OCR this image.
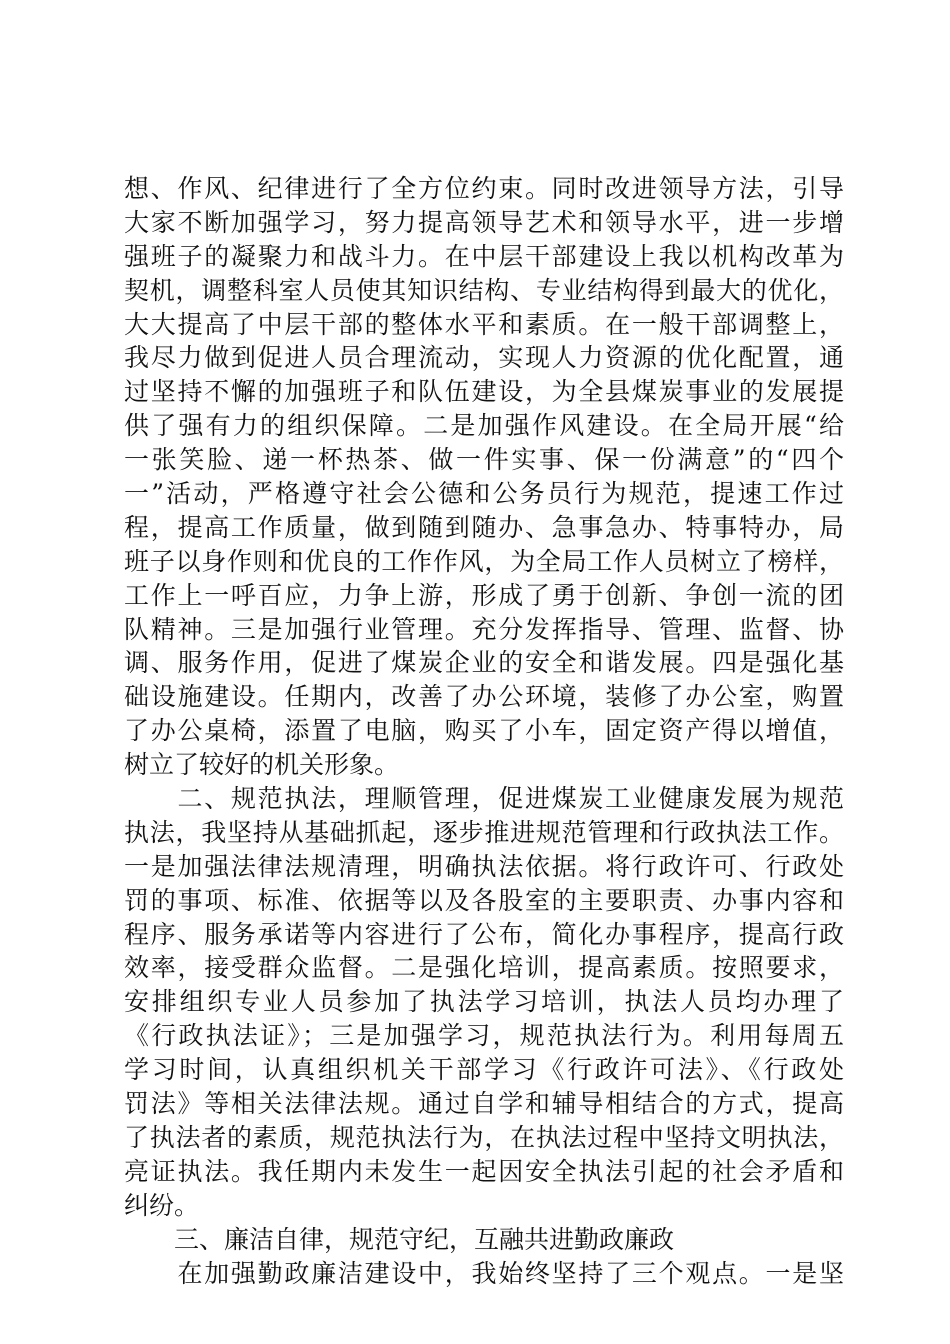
想、作风、纪律进行了全方位约束。同时改进领导方法，引导
大家不断加强学习，努力提高领导艺术和领导水平，进一步增
强班子的凝聚力和战斗力。在中层干部建设上我以机构改革为
契机，调整科室人员使其知识结构、专业结构得到最大的优化，
大大提高了中层干部的整体水平和素质。在一般干部调整上，
我尽力做到促进人员合理流动，实现人力资源的优化配置，通
过坚持不懈的加强班子和队伍建设，为全县煤炭事业的发展提
供了强有力的组织保障。二是加强作风建设。在全局开展“给
一张笑脸、递一杯热茶、做一件实事、保一份满意”的“四个
一”活动，严格遵守社会公德和公务员行为规范，提速工作过
程，提高工作质量，做到随到随办、急事急办、特事特办，局
班子以身作则和优良的工作作风，为全局工作人员树立了榜样，
工作上一呼百应，力争上游，形成了勇于创新、争创一流的团
队精神。三是加强行业管理。充分发挥指导、管理、监督、协
调、服务作用，促进了煤炭企业的安全和谐发展。四是强化基
础设施建设。任期内，改善了办公环境，装修了办公室，购置
了办公桌椅，添置了电脑，购买了小车，固定资产得以增值，
树立了较好的机关形象。
　　二、规范执法，理顺管理，促进煤炭工业健康发展为规范
执法，我坚持从基础抓起，逐步推进规范管理和行政执法工作。
一是加强法律法规清理，明确执法依据。将行政许可、行政处
罚的事项、标准、依据等以及各股室的主要职责、办事内容和
程序、服务承诺等内容进行了公布，简化办事程序，提高行政
效率，接受群众监督。二是强化培训，提高素质。按照要求，
安排组织专业人员参加了执法学习培训，执法人员均办理了
《行政执法证》；三是加强学习，规范执法行为。利用每周五
学习时间，认真组织机关干部学习《行政许可法》、《行政处
罚法》等相关法律法规。通过自学和辅导相结合的方式，提高
了执法者的素质，规范执法行为，在执法过程中坚持文明执法，
亮证执法。我任期内未发生一起因安全执法引起的社会矛盾和
纠纷。
　　三、廉洁自律，规范守纪，互融共进勤政廉政
　　在加强勤政廉洁建设中，我始终坚持了三个观点。一是坚
